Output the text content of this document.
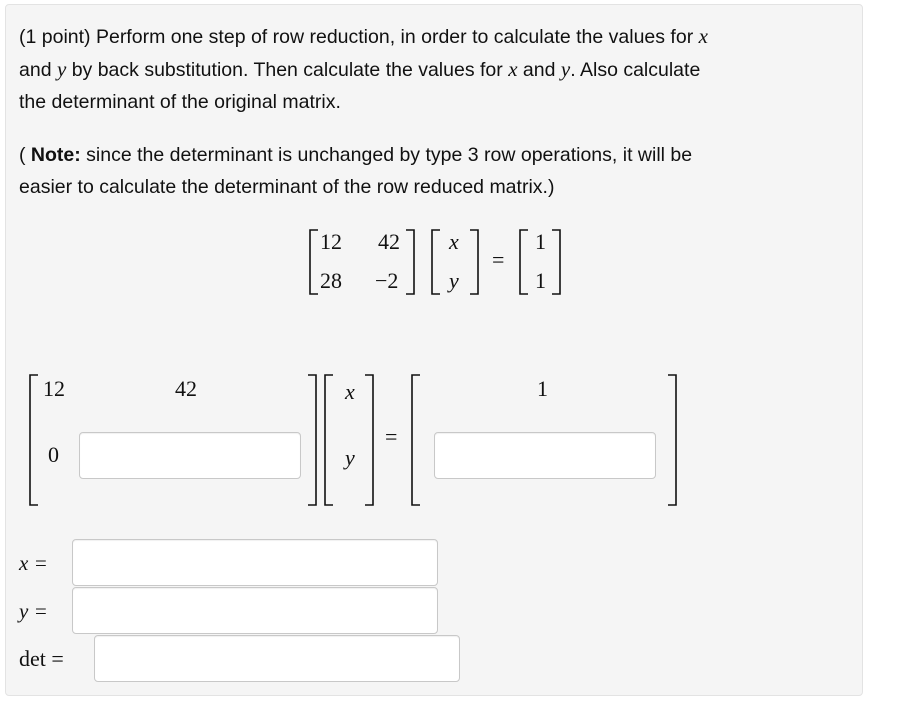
(1 point) Perform one step of row reduction, in order to calculate the values for x
and y by back substitution. Then calculate the values for x and y. Also calculate
the determinant of the original matrix.
( Note: since the determinant is unchanged by type 3 row operations, it will be
easier to calculate the determinant of the row reduced matrix.)
12 42
28 −2
x
y
=
1
1
12	42
0
x
y
=
1
x =
y =
det =
